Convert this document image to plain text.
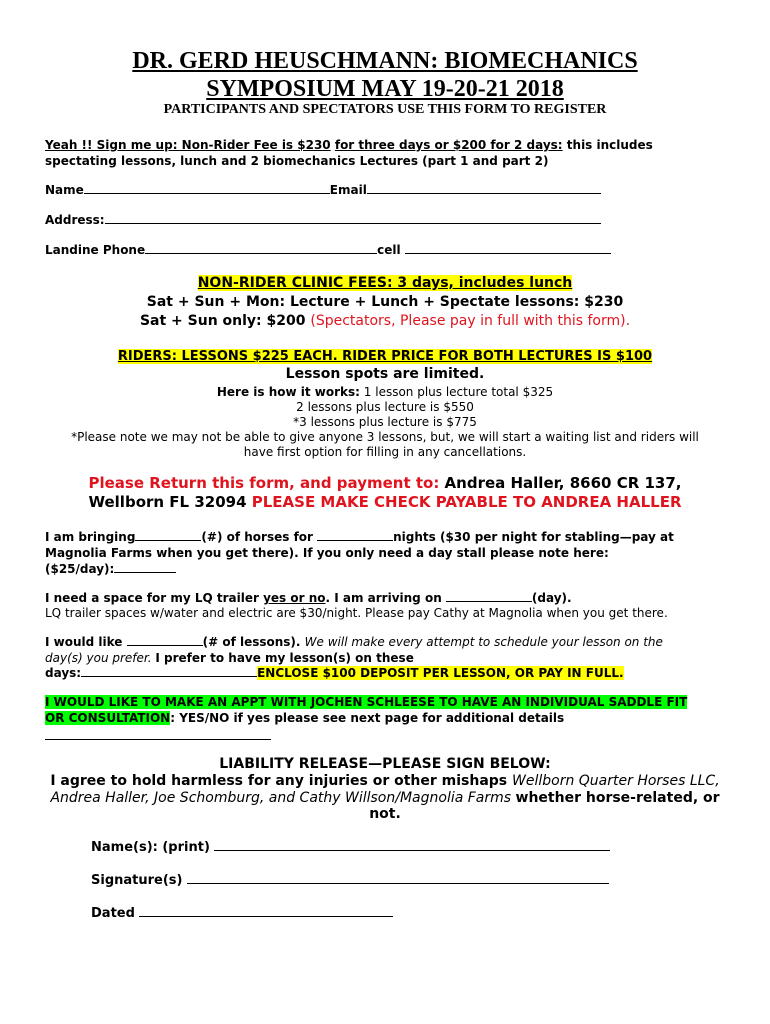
DR. GERD HEUSCHMANN: BIOMECHANICS
SYMPOSIUM MAY 19-20-21 2018
PARTICIPANTS AND SPECTATORS USE THIS FORM TO REGISTER
Yeah !! Sign me up: Non-Rider Fee is $230 for three days or $200 for 2 days: this includes
spectating lessons, lunch and 2 biomechanics Lectures (part 1 and part 2)
Name	Email
Address:
Landine Phone	cell
NON-RIDER CLINIC FEES: 3 days, includes lunch
Sat + Sun + Mon: Lecture + Lunch + Spectate lessons: $230
Sat + Sun only: $200 (Spectators, Please pay in full with this form).
RIDERS: LESSONS $225 EACH. RIDER PRICE FOR BOTH LECTURES IS $100
Lesson spots are limited.
Here is how it works: 1 lesson plus lecture total $325
2 lessons plus lecture is $550
*3 lessons plus lecture is $775
*Please note we may not be able to give anyone 3 lessons, but, we will start a waiting list and riders will
have first option for filling in any cancellations.
Please Return this form, and payment to: Andrea Haller, 8660 CR 137,
Wellborn FL 32094 PLEASE MAKE CHECK PAYABLE TO ANDREA HALLER
I am bringing	(#) of horses for	nights ($30 per night for stabling—pay at
Magnolia Farms when you get there). If you only need a day stall please note here:
($25/day):
I need a space for my LQ trailer yes or no. I am arriving on	(day).
LQ trailer spaces w/water and electric are $30/night. Please pay Cathy at Magnolia when you get there.
I would like	(# of lessons). We will make every attempt to schedule your lesson on the
day(s) you prefer. I prefer to have my lesson(s) on these
days:	ENCLOSE $100 DEPOSIT PER LESSON, OR PAY IN FULL.
I WOULD LIKE TO MAKE AN APPT WITH JOCHEN SCHLEESE TO HAVE AN INDIVIDUAL SADDLE FIT
OR CONSULTATION: YES/NO if yes please see next page for additional details
LIABILITY RELEASE—PLEASE SIGN BELOW:
I agree to hold harmless for any injuries or other mishaps Wellborn Quarter Horses LLC,
Andrea Haller, Joe Schomburg, and Cathy Willson/Magnolia Farms whether horse-related, or
not.
Name(s): (print)
Signature(s)
Dated
